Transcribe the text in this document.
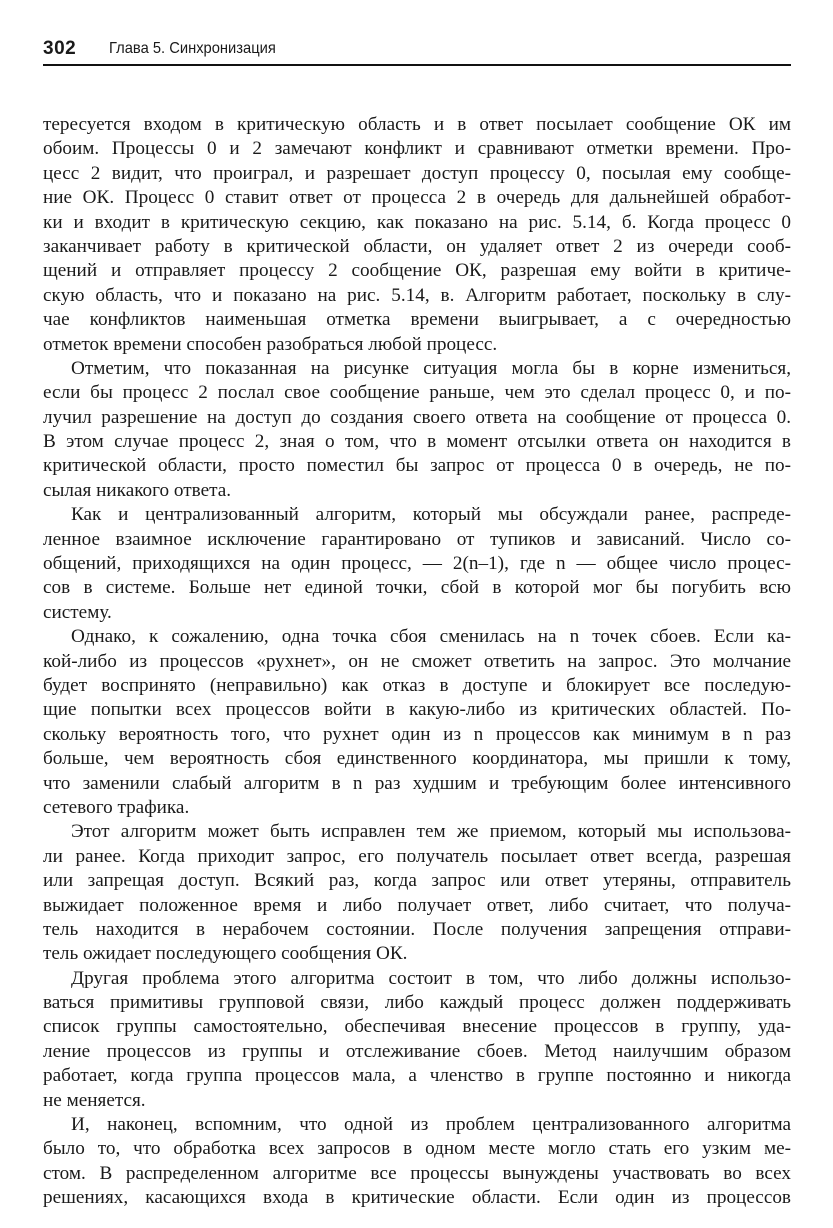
302 Глава 5. Синхронизация
тересуется входом в критическую область и в ответ посылает сообщение ОК им
обоим. Процессы 0 и 2 замечают конфликт и сравнивают отметки времени. Про-
цесс 2 видит, что проиграл, и разрешает доступ процессу 0, посылая ему сообще-
ние ОК. Процесс 0 ставит ответ от процесса 2 в очередь для дальнейшей обработ-
ки и входит в критическую секцию, как показано на рис. 5.14, б. Когда процесс 0
заканчивает работу в критической области, он удаляет ответ 2 из очереди сооб-
щений и отправляет процессу 2 сообщение ОК, разрешая ему войти в критиче-
скую область, что и показано на рис. 5.14, в. Алгоритм работает, поскольку в слу-
чае конфликтов наименьшая отметка времени выигрывает, а с очередностью
отметок времени способен разобраться любой процесс.
Отметим, что показанная на рисунке ситуация могла бы в корне измениться,
если бы процесс 2 послал свое сообщение раньше, чем это сделал процесс 0, и по-
лучил разрешение на доступ до создания своего ответа на сообщение от процесса 0.
В этом случае процесс 2, зная о том, что в момент отсылки ответа он находится в
критической области, просто поместил бы запрос от процесса 0 в очередь, не по-
сылая никакого ответа.
Как и централизованный алгоритм, который мы обсуждали ранее, распреде-
ленное взаимное исключение гарантировано от тупиков и зависаний. Число со-
общений, приходящихся на один процесс, — 2(n–1), где n — общее число процес-
сов в системе. Больше нет единой точки, сбой в которой мог бы погубить всю
систему.
Однако, к сожалению, одна точка сбоя сменилась на n точек сбоев. Если ка-
кой-либо из процессов «рухнет», он не сможет ответить на запрос. Это молчание
будет воспринято (неправильно) как отказ в доступе и блокирует все последую-
щие попытки всех процессов войти в какую-либо из критических областей. По-
скольку вероятность того, что рухнет один из n процессов как минимум в n раз
больше, чем вероятность сбоя единственного координатора, мы пришли к тому,
что заменили слабый алгоритм в n раз худшим и требующим более интенсивного
сетевого трафика.
Этот алгоритм может быть исправлен тем же приемом, который мы использова-
ли ранее. Когда приходит запрос, его получатель посылает ответ всегда, разрешая
или запрещая доступ. Всякий раз, когда запрос или ответ утеряны, отправитель
выжидает положенное время и либо получает ответ, либо считает, что получа-
тель находится в нерабочем состоянии. После получения запрещения отправи-
тель ожидает последующего сообщения ОК.
Другая проблема этого алгоритма состоит в том, что либо должны использо-
ваться примитивы групповой связи, либо каждый процесс должен поддерживать
список группы самостоятельно, обеспечивая внесение процессов в группу, уда-
ление процессов из группы и отслеживание сбоев. Метод наилучшим образом
работает, когда группа процессов мала, а членство в группе постоянно и никогда
не меняется.
И, наконец, вспомним, что одной из проблем централизованного алгоритма
было то, что обработка всех запросов в одном месте могло стать его узким ме-
стом. В распределенном алгоритме все процессы вынуждены участвовать во всех
решениях, касающихся входа в критические области. Если один из процессов
